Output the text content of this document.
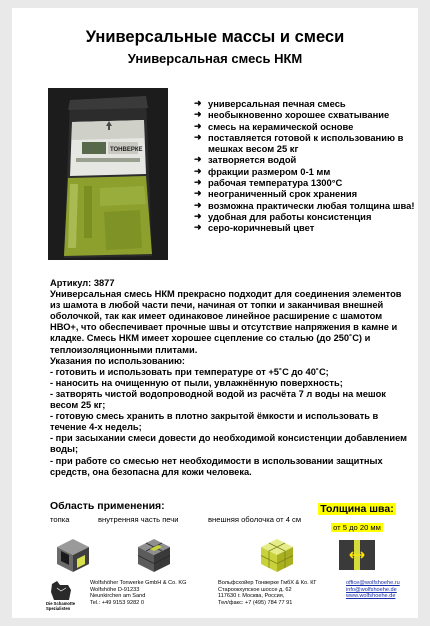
Универсальные массы и смеси
Универсальная смесь НКМ
ТОНВЕРКЕ
➜ универсальная печная смесь
➜ необыкновенно хорошее схватывание
➜ смесь на керамической основе
➜ поставляется готовой к использованию в мешках весом 25 кг
➜ затворяется водой
➜ фракции размером 0-1 мм
➜ рабочая температура 1300°С
➜ неограниченный срок хранения
➜ возможна практически любая толщина шва!
➜ удобная для работы консистенция
➜ серо-коричневый цвет

Артикул: 3877

Универсальная смесь НКМ прекрасно подходит для соединения элементов из шамота в любой части печи, начиная от топки и заканчивая внешней оболочкой, так как имеет одинаковое линейное расширение с шамотом НВО+, что обеспечивает прочные швы и отсутствие напряжения в камне и кладке. Смесь НКМ имеет хорошее сцепление со сталью (до 250˚С) и теплоизоляционными плитами.

Указания по использованию:

- готовить и использовать при температуре от +5˚С до 40˚С;

- наносить на очищенную от пыли, увлажнённую поверхность;

- затворять чистой водопроводной водой из расчёта 7 л воды на мешок весом 25 кг;

- готовую смесь хранить в плотно закрытой ёмкости и использовать в течение 4-х недель;

- при засыхании смеси довести до необходимой консистенции добавлением воды;

- при работе со смесью нет необходимости в использовании защитных средств, она безопасна для кожи человека.

Область применения:
топка	внутренняя часть печи	внешняя оболочка от 4 см
Толщина шва:
от 5 до 20 мм
Die Schamotte
Spezialisten
Wolfshöher Tonwerke GmbH & Co. KG
Wolfshöhe D-91233
Neunkirchen am Sand
Tel.: +49 9153 9282 0
Вольфсхойер Тонверке ГмбХ & Ко. КГ
Староокхупское шоссе д. 62
117630 г. Москва, Россия,
Тел/факс: +7 (495) 784 77 91
office@wolfshoehe.ru
info@wolfshoehe.de
www.wolfshoehe.de
